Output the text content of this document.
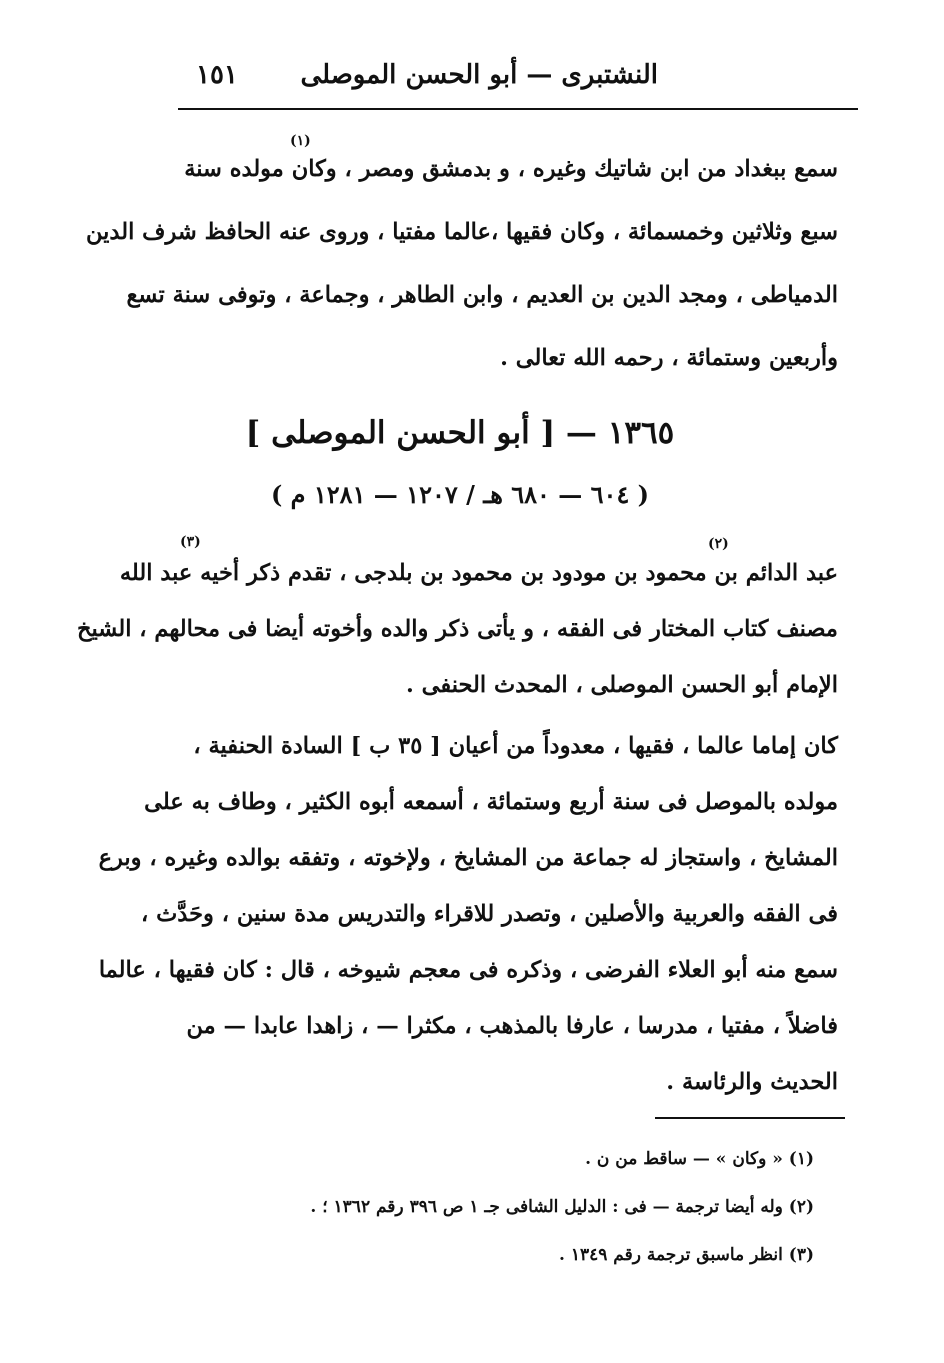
النشتبرى — أبو الحسن الموصلى
١٥١
(١)
سمع ببغداد من ابن شاتيك وغيره ، و بدمشق ومصر ، وكان مولده سنة
سبع وثلاثين وخمسمائة ، وكان فقيها ،عالما مفتيا ، وروى عنه الحافظ شرف الدين
الدمياطى ، ومجد الدين بن العديم ، وابن الطاهر ، وجماعة ، وتوفى سنة تسع
وأربعين وستمائة ، رحمه الله تعالى .
١٣٦٥ — [ أبو الحسن الموصلى ]
( ٦٠٤ — ٦٨٠ هـ / ١٢٠٧ — ١٢٨١ م )
(٢)
(٣)
عبد الدائم بن محمود بن مودود بن محمود بن بلدجى ، تقدم ذكر أخيه عبد الله
مصنف كتاب المختار فى الفقه ، و يأتى ذكر والده وأخوته أيضا فى محالهم ، الشيخ
الإمام أبو الحسن الموصلى ، المحدث الحنفى .
كان إماما عالما ، فقيها ، معدوداً من أعيان [ ٣٥ ب ] السادة الحنفية ،
مولده بالموصل فى سنة أربع وستمائة ، أسمعه أبوه الكثير ، وطاف به على
المشايخ ، واستجاز له جماعة من المشايخ ، ولإخوته ، وتفقه بوالده وغيره ، وبرع
فى الفقه والعربية والأصلين ، وتصدر للاقراء والتدريس مدة سنين ، وحَدَّث ،
سمع منه أبو العلاء الفرضى ، وذكره فى معجم شيوخه ، قال : كان فقيها ، عالما
فاضلاً ، مفتيا ، مدرسا ، عارفا بالمذهب ، مكثرا — ، زاهدا عابدا — من
الحديث والرئاسة .
(١) « وكان » — ساقط من ن .
(٢) وله أيضا ترجمة — فى : الدليل الشافى جـ ١ ص ٣٩٦ رقم ١٣٦٢ ؛ .
(٣) انظر ماسبق ترجمة رقم ١٣٤٩ .
